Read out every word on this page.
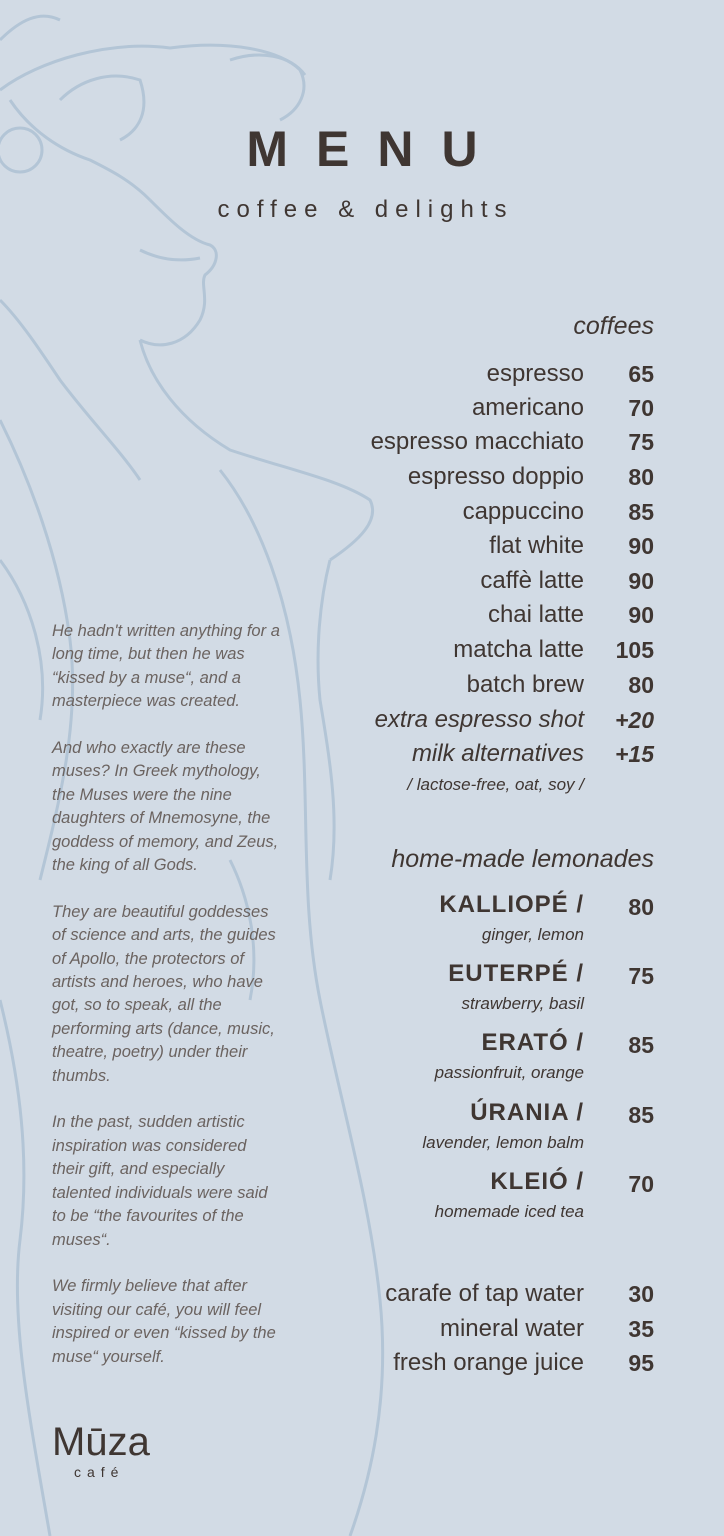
MENU
coffee & delights
coffees
espresso 65
americano 70
espresso macchiato 75
espresso doppio 80
cappuccino 85
flat white 90
caffè latte 90
chai latte 90
matcha latte 105
batch brew 80
extra espresso shot +20
milk alternatives +15
/ lactose-free, oat, soy /
home-made lemonades
KALLIOPÉ / 80
ginger, lemon
EUTERPÉ / 75
strawberry, basil
ERATÓ / 85
passionfruit, orange
ÚRANIA / 85
lavender, lemon balm
KLEIÓ / 70
homemade iced tea
carafe of tap water 30
mineral water 35
fresh orange juice 95

He hadn't written anything for a long time, but then he was “kissed by a muse“, and a masterpiece was created.

And who exactly are these muses? In Greek mythology, the Muses were the nine daughters of Mnemosyne, the goddess of memory, and Zeus, the king of all Gods.

They are beautiful goddesses of science and arts, the guides of Apollo, the protectors of artists and heroes, who have got, so to speak, all the performing arts (dance, music, theatre, poetry) under their thumbs.

In the past, sudden artistic inspiration was considered their gift, and especially talented individuals were said to be “the favourites of the muses“.

We firmly believe that after visiting our café, you will feel inspired or even “kissed by the muse“ yourself.

Mūza
café
